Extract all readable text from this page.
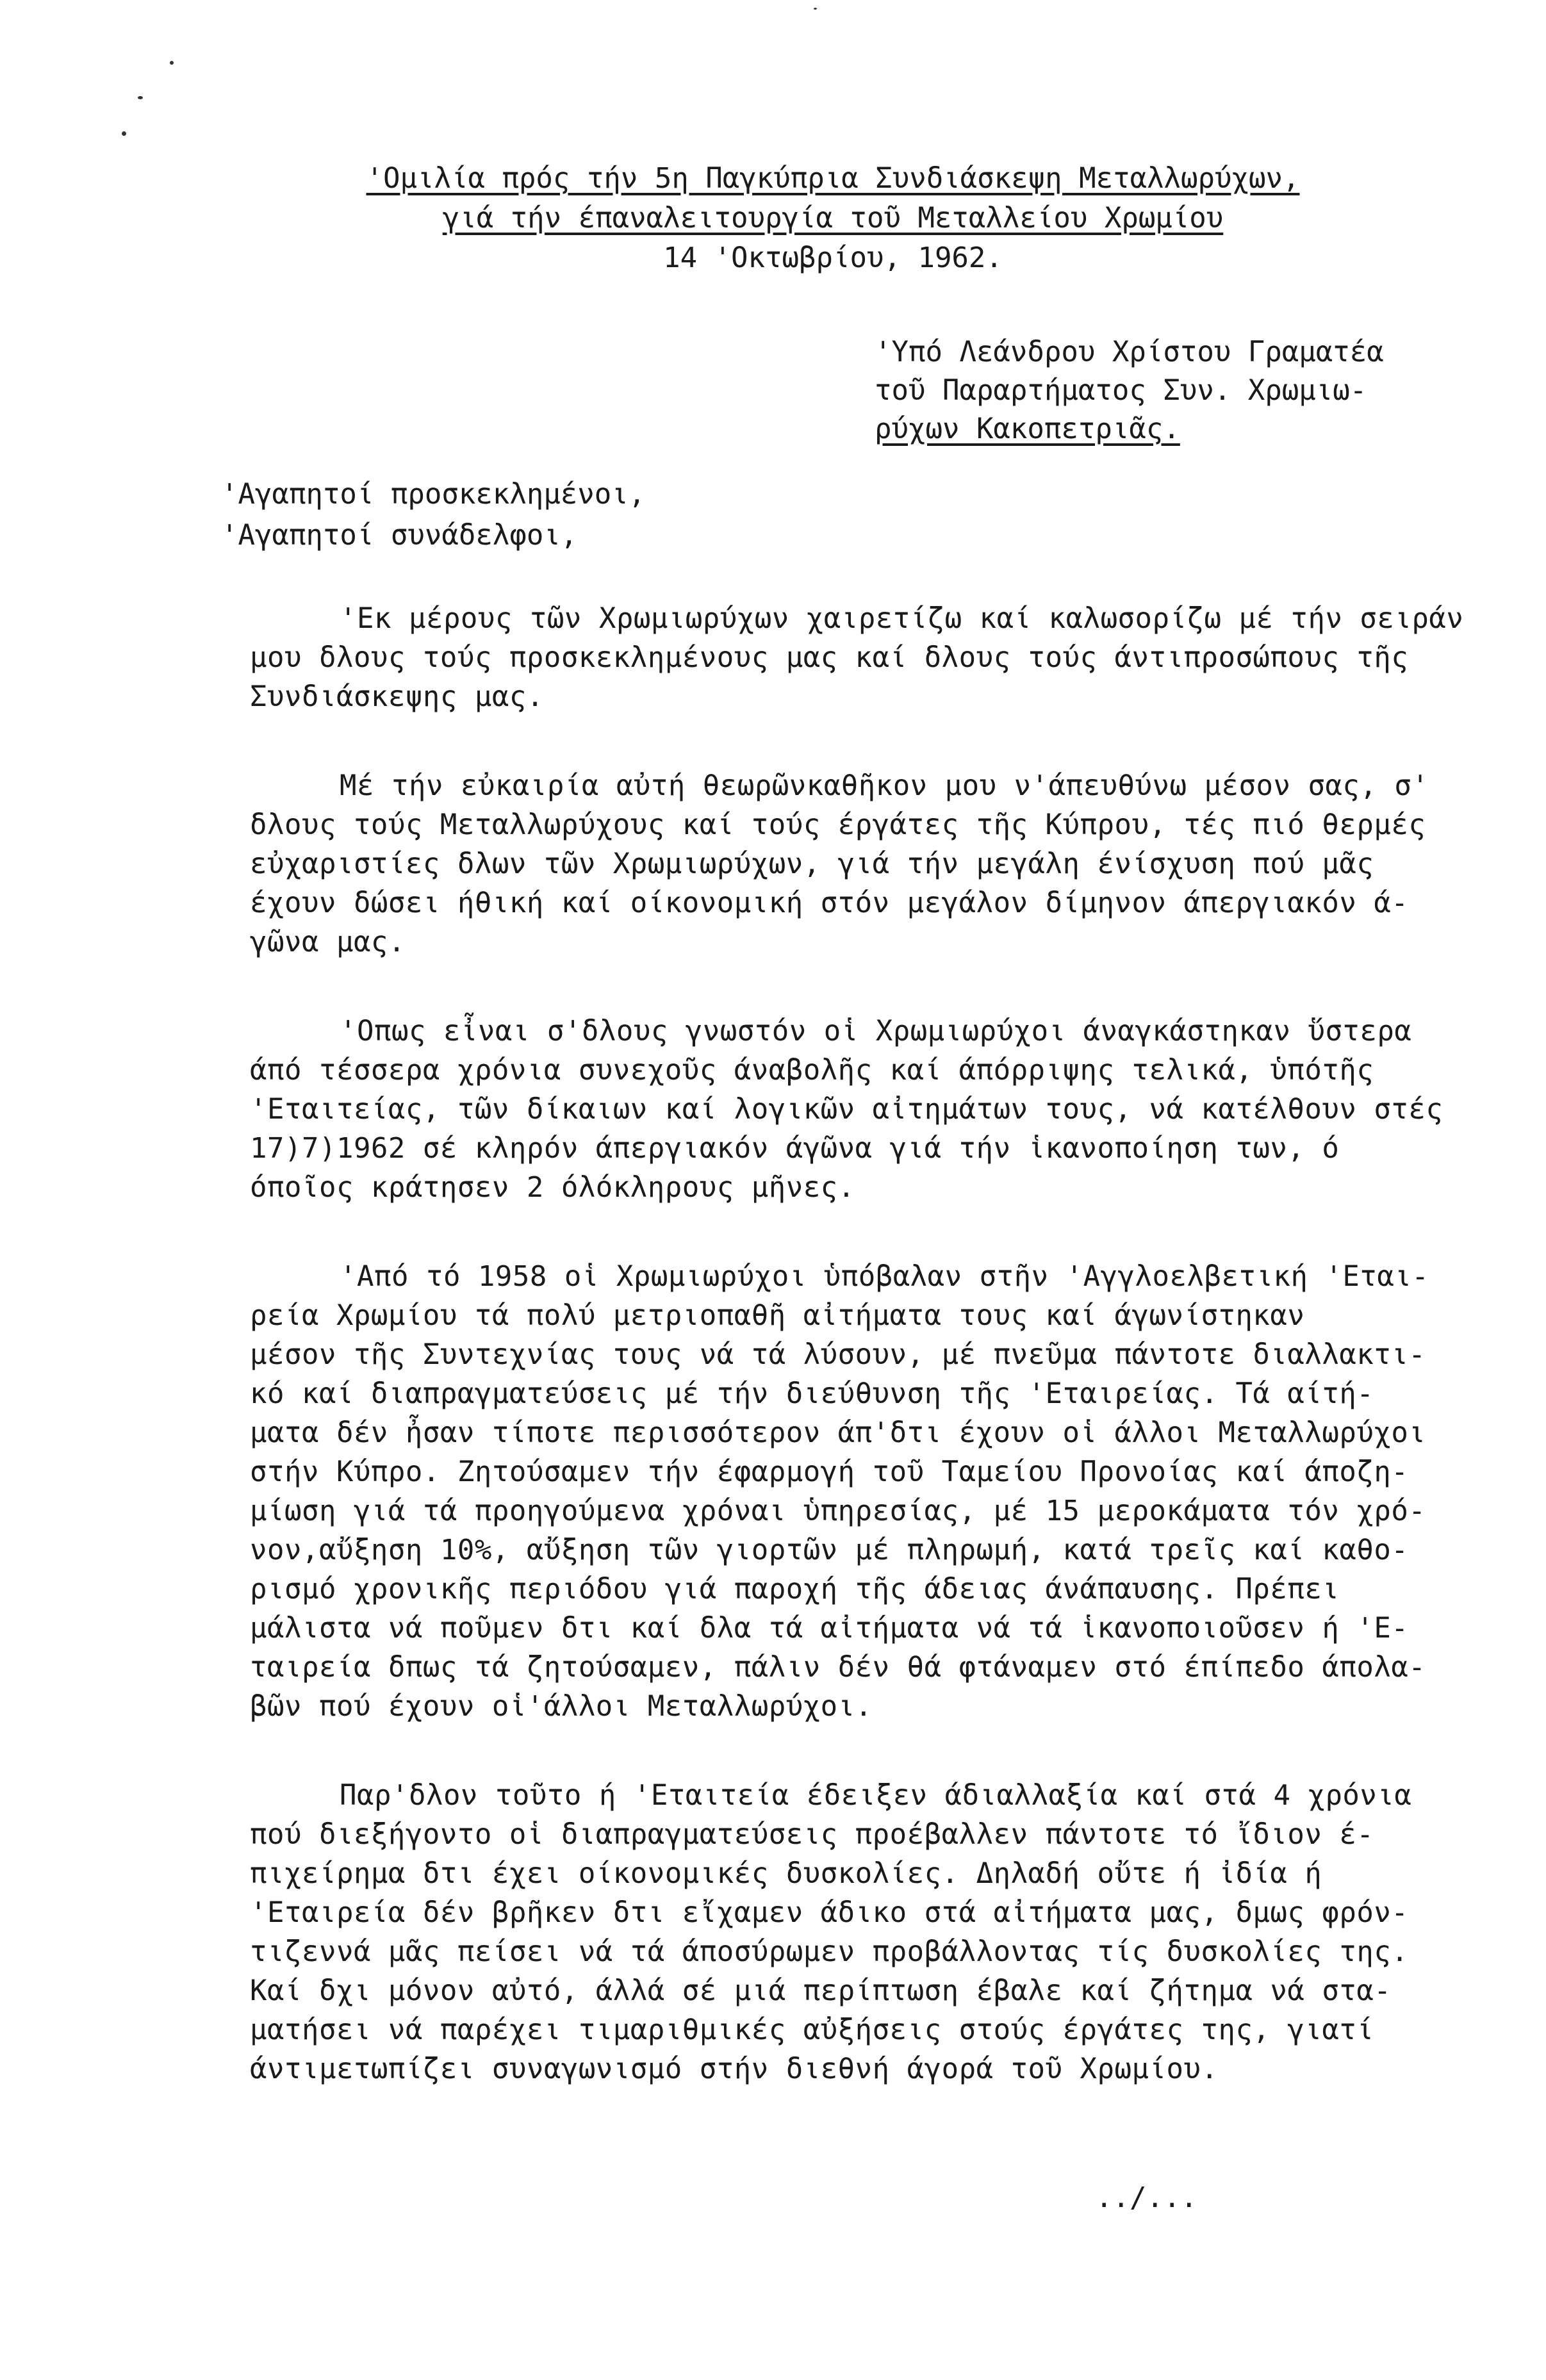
'Ομιλία πρός τήν 5η Παγκύπρια Συνδιάσκεψη Μεταλλωρύχων,
γιά τήν έπαναλειτουργία τοῦ Μεταλλείου Χρωμίου
14 'Οκτωβρίου, 1962.
'Υπό Λεάνδρου Χρίστου Γραματέα
τοῦ Παραρτήματος Συν. Χρωμιω-
ρύχων Κακοπετριᾶς.
'Αγαπητοί προσκεκλημένοι,
'Αγαπητοί συνάδελφοι,
'Εκ μέρους τῶν Χρωμιωρύχων χαιρετίζω καί καλωσορίζω μέ τήν σειράν
μου δλους τούς προσκεκλημένους μας καί δλους τούς άντιπροσώπους τῆς
Συνδιάσκεψης μας.
Μέ τήν εὐκαιρία αὐτή θεωρῶνκαθῆκον μου ν'άπευθύνω μέσον σας, σ'
δλους τούς Μεταλλωρύχους καί τούς έργάτες τῆς Κύπρου, τές πιό θερμές
εὐχαριστίες δλων τῶν Χρωμιωρύχων, γιά τήν μεγάλη ένίσχυση πού μᾶς
έχουν δώσει ήθική καί οίκονομική στόν μεγάλον δίμηνον άπεργιακόν ά-
γῶνα μας.
'Οπως εἶναι σ'δλους γνωστόν οἱ Χρωμιωρύχοι άναγκάστηκαν ὕστερα
άπό τέσσερα χρόνια συνεχοῦς άναβολῆς καί άπόρριψης τελικά, ὑπότῆς
'Εταιτείας, τῶν δίκαιων καί λογικῶν αἰτημάτων τους, νά κατέλθουν στές
17)7)1962 σέ κληρόν άπεργιακόν άγῶνα γιά τήν ἱκανοποίηση των, ό
όποῖος κράτησεν 2 όλόκληρους μῆνες.
'Από τό 1958 οἱ Χρωμιωρύχοι ὑπόβαλαν στῆν 'Αγγλοελβετική 'Εται-
ρεία Χρωμίου τά πολύ μετριοπαθῆ αἰτήματα τους καί άγωνίστηκαν
μέσον τῆς Συντεχνίας τους νά τά λύσουν, μέ πνεῦμα πάντοτε διαλλακτι-
κό καί διαπραγματεύσεις μέ τήν διεύθυνση τῆς 'Εταιρείας. Τά αίτή-
ματα δέν ἦσαν τίποτε περισσότερον άπ'δτι έχουν οἱ άλλοι Μεταλλωρύχοι
στήν Κύπρο. Ζητούσαμεν τήν έφαρμογή τοῦ Ταμείου Προνοίας καί άποζη-
μίωση γιά τά προηγούμενα χρόναι ὑπηρεσίας, μέ 15 μεροκάματα τόν χρό-
νον,αὔξηση 10%, αὔξηση τῶν γιορτῶν μέ πληρωμή, κατά τρεῖς καί καθο-
ρισμό χρονικῆς περιόδου γιά παροχή τῆς άδειας άνάπαυσης. Πρέπει
μάλιστα νά ποῦμεν δτι καί δλα τά αἰτήματα νά τά ἱκανοποιοῦσεν ή 'Ε-
ταιρεία δπως τά ζητούσαμεν, πάλιν δέν θά φτάναμεν στό έπίπεδο άπολα-
βῶν πού έχουν οἱ'άλλοι Μεταλλωρύχοι.
Παρ'δλον τοῦτο ή 'Εταιτεία έδειξεν άδιαλλαξία καί στά 4 χρόνια
πού διεξήγοντο οἱ διαπραγματεύσεις προέβαλλεν πάντοτε τό ἴδιον έ-
πιχείρημα δτι έχει οίκονομικές δυσκολίες. Δηλαδή οὔτε ή ἰδία ή
'Εταιρεία δέν βρῆκεν δτι εἴχαμεν άδικο στά αἰτήματα μας, δμως φρόν-
τιζεννά μᾶς πείσει νά τά άποσύρωμεν προβάλλοντας τίς δυσκολίες της.
Καί δχι μόνον αὐτό, άλλά σέ μιά περίπτωση έβαλε καί ζήτημα νά στα-
ματήσει νά παρέχει τιμαριθμικές αὐξήσεις στούς έργάτες της, γιατί
άντιμετωπίζει συναγωνισμό στήν διεθνή άγορά τοῦ Χρωμίου.
../...
